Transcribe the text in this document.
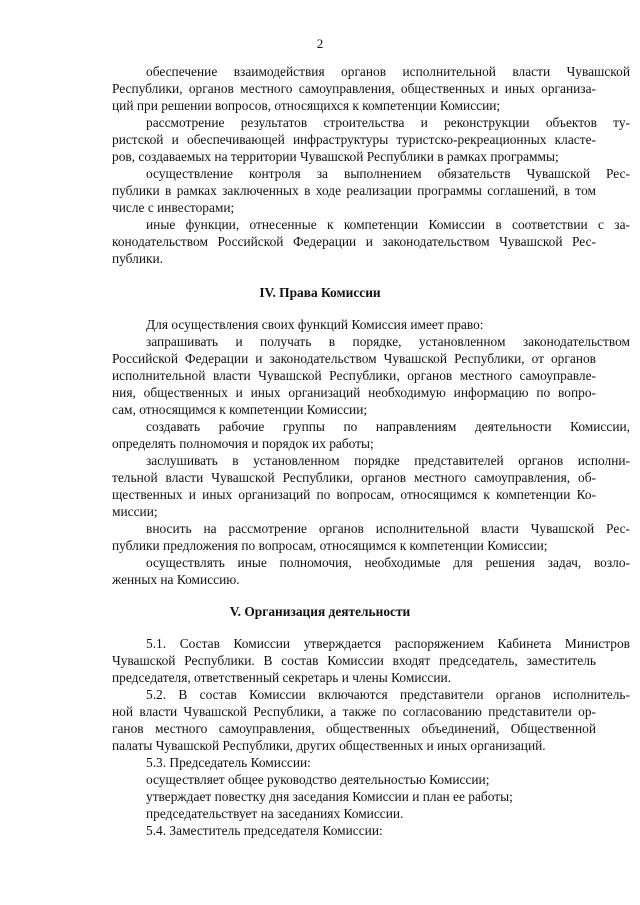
2
обеспечение взаимодействия органов исполнительной власти Чувашской
Республики, органов местного самоуправления, общественных и иных организа-
ций при решении вопросов, относящихся к компетенции Комиссии;
рассмотрение результатов строительства и реконструкции объектов ту-
ристской и обеспечивающей инфраструктуры туристско-рекреационных класте-
ров, создаваемых на территории Чувашской Республики в рамках программы;
осуществление контроля за выполнением обязательств Чувашской Рес-
публики в рамках заключенных в ходе реализации программы соглашений, в том
числе с инвесторами;
иные функции, отнесенные к компетенции Комиссии в соответствии с за-
конодательством Российской Федерации и законодательством Чувашской Рес-
публики.
IV. Права Комиссии
Для осуществления своих функций Комиссия имеет право:
запрашивать и получать в порядке, установленном законодательством
Российской Федерации и законодательством Чувашской Республики, от органов
исполнительной власти Чувашской Республики, органов местного самоуправле-
ния, общественных и иных организаций необходимую информацию по вопро-
сам, относящимся к компетенции Комиссии;
создавать рабочие группы по направлениям деятельности Комиссии,
определять полномочия и порядок их работы;
заслушивать в установленном порядке представителей органов исполни-
тельной власти Чувашской Республики, органов местного самоуправления, об-
щественных и иных организаций по вопросам, относящимся к компетенции Ко-
миссии;
вносить на рассмотрение органов исполнительной власти Чувашской Рес-
публики предложения по вопросам, относящимся к компетенции Комиссии;
осуществлять иные полномочия, необходимые для решения задач, возло-
женных на Комиссию.
V. Организация деятельности
5.1. Состав Комиссии утверждается распоряжением Кабинета Министров
Чувашской Республики. В состав Комиссии входят председатель, заместитель
председателя, ответственный секретарь и члены Комиссии.
5.2. В состав Комиссии включаются представители органов исполнитель-
ной власти Чувашской Республики, а также по согласованию представители ор-
ганов местного самоуправления, общественных объединений, Общественной
палаты Чувашской Республики, других общественных и иных организаций.
5.3. Председатель Комиссии:
осуществляет общее руководство деятельностью Комиссии;
утверждает повестку дня заседания Комиссии и план ее работы;
председательствует на заседаниях Комиссии.
5.4. Заместитель председателя Комиссии:
